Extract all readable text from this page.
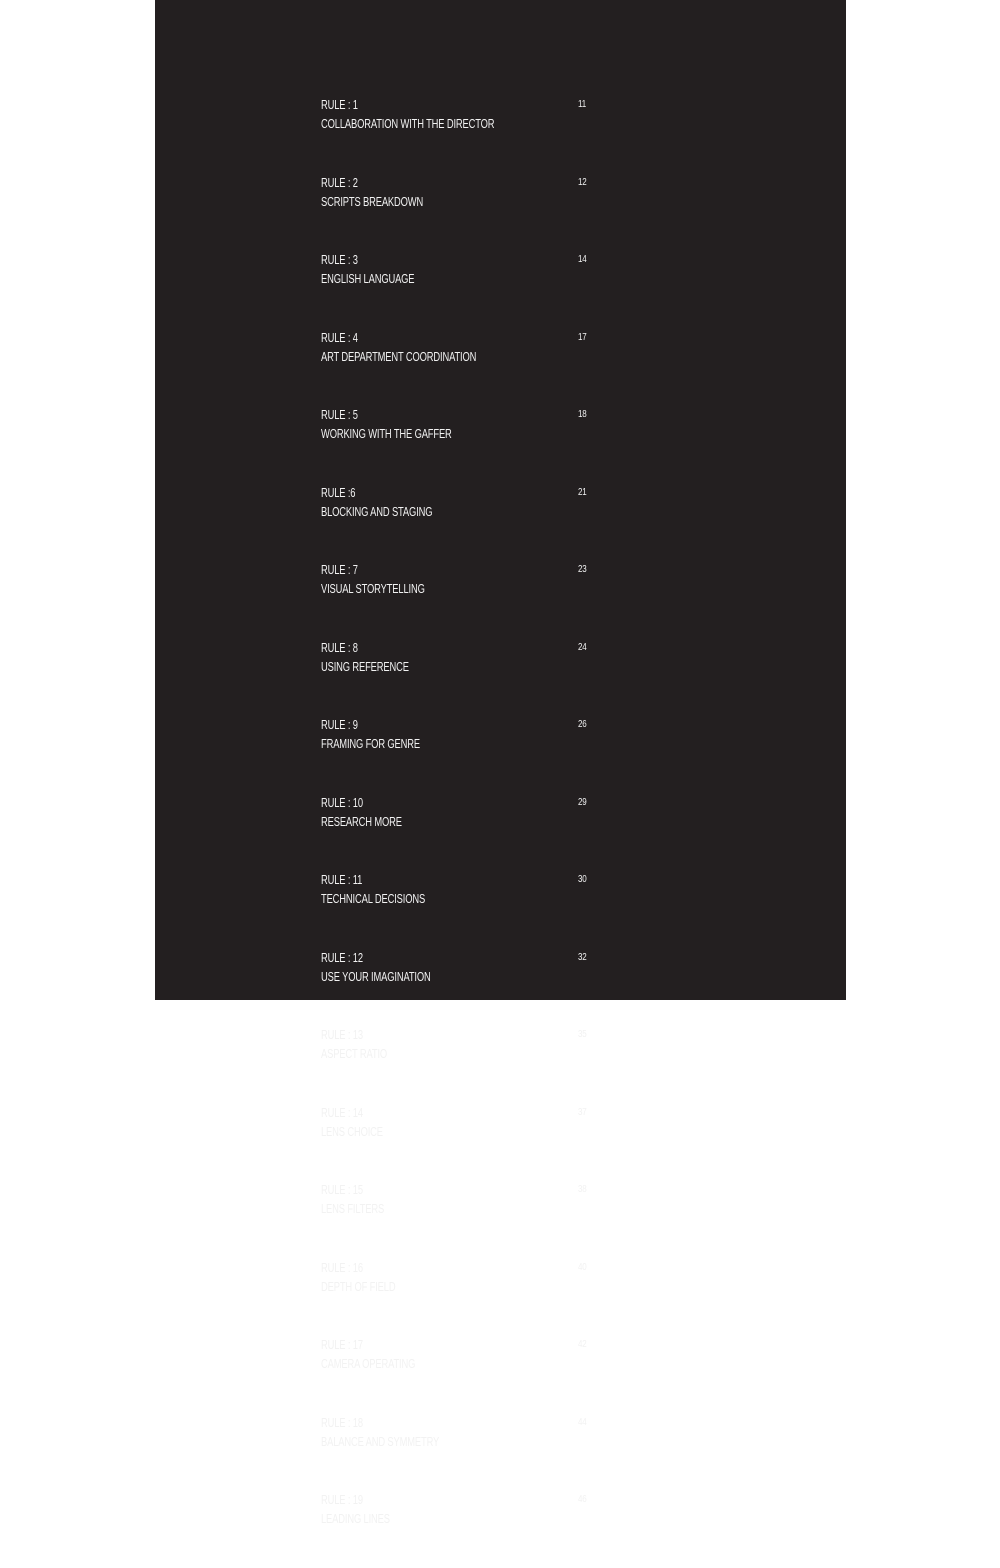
RULE : 1
COLLABORATION WITH THE DIRECTOR
11
RULE : 2
SCRIPTS BREAKDOWN
12
RULE : 3
ENGLISH LANGUAGE
14
RULE : 4
ART DEPARTMENT COORDINATION
17
RULE : 5
WORKING WITH THE GAFFER
18
RULE :6
BLOCKING AND STAGING
21
RULE : 7
VISUAL STORYTELLING
23
RULE : 8
USING REFERENCE
24
RULE : 9
FRAMING FOR GENRE
26
RULE : 10
RESEARCH MORE
29
RULE : 11
TECHNICAL DECISIONS
30
RULE : 12
USE YOUR IMAGINATION
32
RULE : 13
ASPECT RATIO
35
RULE : 14
LENS CHOICE
37
RULE : 15
LENS FILTERS
38
RULE : 16
DEPTH OF FIELD
40
RULE : 17
CAMERA OPERATING
42
RULE : 18
BALANCE AND SYMMETRY
44
RULE : 19
LEADING LINES
46
